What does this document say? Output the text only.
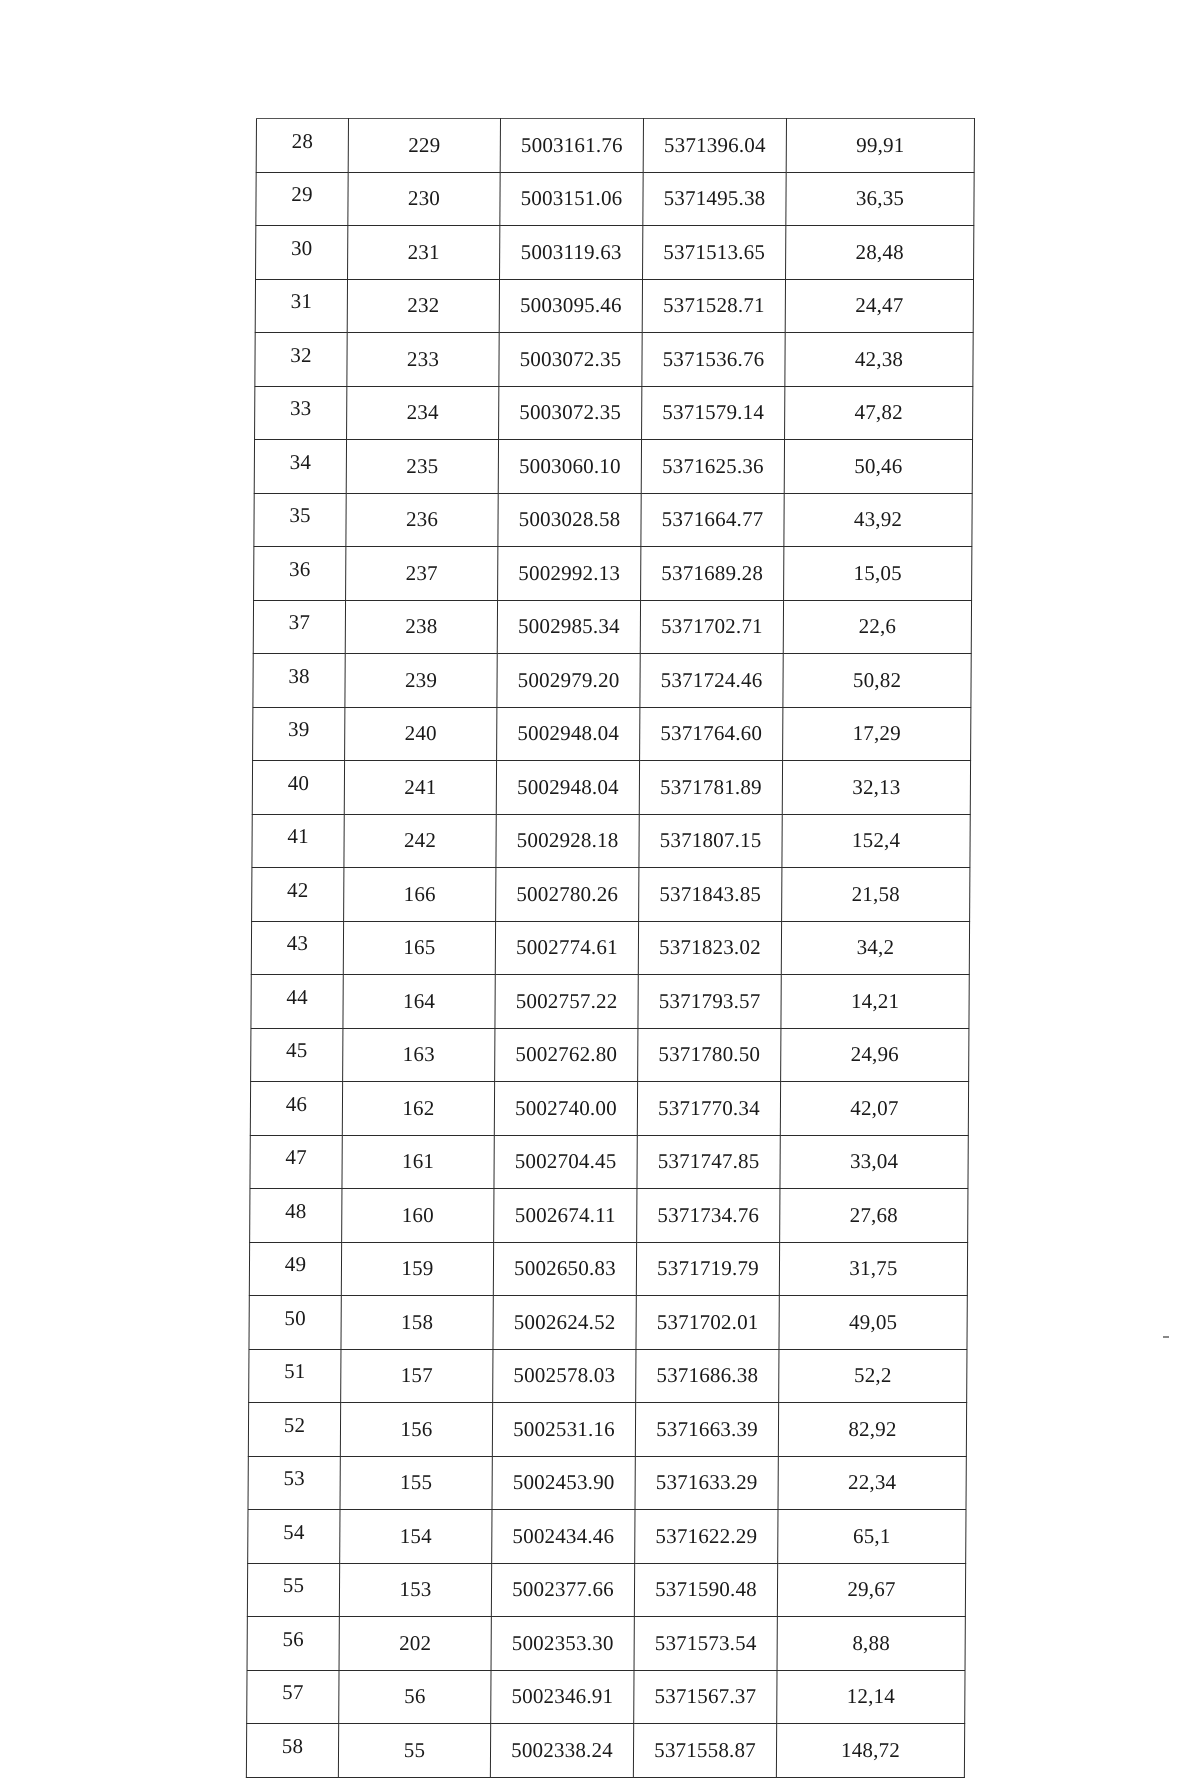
28	229	5003161.76	5371396.04	99,91
29	230	5003151.06	5371495.38	36,35
30	231	5003119.63	5371513.65	28,48
31	232	5003095.46	5371528.71	24,47
32	233	5003072.35	5371536.76	42,38
33	234	5003072.35	5371579.14	47,82
34	235	5003060.10	5371625.36	50,46
35	236	5003028.58	5371664.77	43,92
36	237	5002992.13	5371689.28	15,05
37	238	5002985.34	5371702.71	22,6
38	239	5002979.20	5371724.46	50,82
39	240	5002948.04	5371764.60	17,29
40	241	5002948.04	5371781.89	32,13
41	242	5002928.18	5371807.15	152,4
42	166	5002780.26	5371843.85	21,58
43	165	5002774.61	5371823.02	34,2
44	164	5002757.22	5371793.57	14,21
45	163	5002762.80	5371780.50	24,96
46	162	5002740.00	5371770.34	42,07
47	161	5002704.45	5371747.85	33,04
48	160	5002674.11	5371734.76	27,68
49	159	5002650.83	5371719.79	31,75
50	158	5002624.52	5371702.01	49,05
51	157	5002578.03	5371686.38	52,2
52	156	5002531.16	5371663.39	82,92
53	155	5002453.90	5371633.29	22,34
54	154	5002434.46	5371622.29	65,1
55	153	5002377.66	5371590.48	29,67
56	202	5002353.30	5371573.54	8,88
57	56	5002346.91	5371567.37	12,14
58	55	5002338.24	5371558.87	148,72
